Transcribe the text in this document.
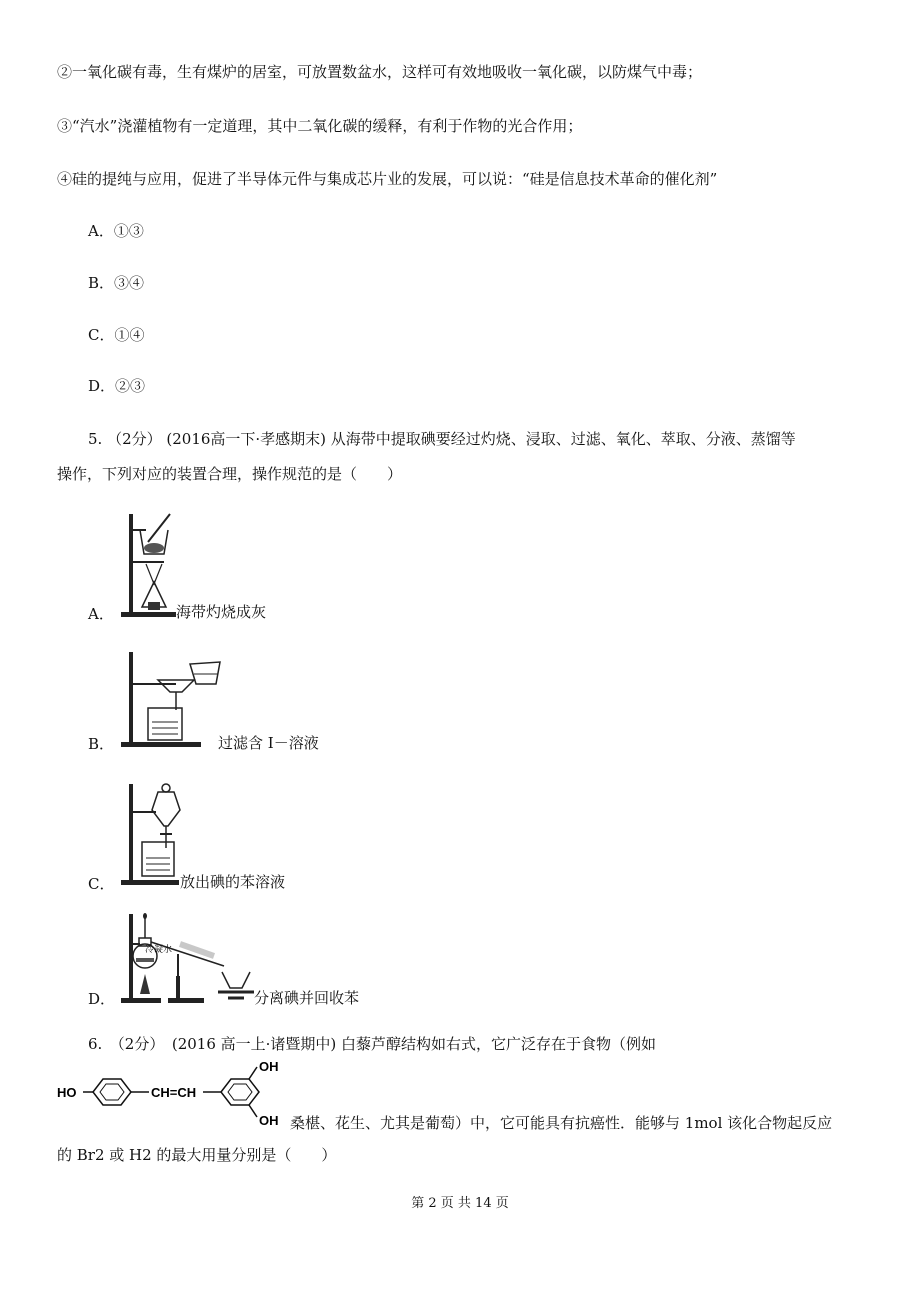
②一氧化碳有毒，生有煤炉的居室，可放置数盆水，这样可有效地吸收一氧化碳，以防煤气中毒；
③“汽水”浇灌植物有一定道理，其中二氧化碳的缓释，有利于作物的光合作用；
④硅的提纯与应用，促进了半导体元件与集成芯片业的发展，可以说：“硅是信息技术革命的催化剂”
A．①③
B．③④
C．①④
D．②③
5. （2分） (2016高一下·孝感期末) 从海带中提取碘要经过灼烧、浸取、过滤、氧化、萃取、分液、蒸馏等
操作，下列对应的装置合理，操作规范的是（　　）
A．	海带灼烧成灰
B．	过滤含 I－溶液
C．	放出碘的苯溶液
D．
冷凝水
分离碘并回收苯
6.　（2分）　(2016 高一上·诸暨期中) 白藜芦醇结构如右式，它广泛存在于食物（例如
HO	CH=CH
OH
OH 桑椹、花生、尤其是葡萄）中，它可能具有抗癌性．能够与 1mol 该化合物起反应
的 Br2 或 H2 的最大用量分别是（　　）
第 2 页 共 14 页
